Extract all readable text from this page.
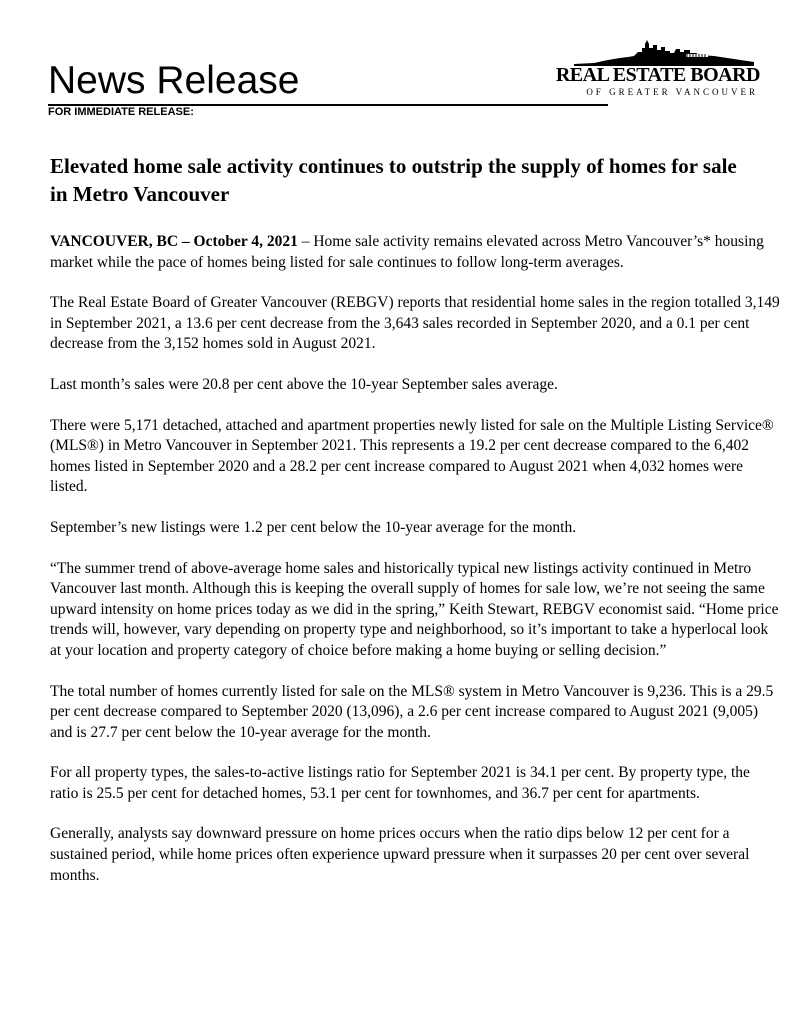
News Release
FOR IMMEDIATE RELEASE:
REAL ESTATE BOARD
OF GREATER VANCOUVER
Elevated home sale activity continues to outstrip the supply of homes for sale in Metro Vancouver

VANCOUVER, BC – October 4, 2021 – Home sale activity remains elevated across Metro Vancouver’s* housing market while the pace of homes being listed for sale continues to follow long-term averages.

The Real Estate Board of Greater Vancouver (REBGV) reports that residential home sales in the region totalled 3,149 in September 2021, a 13.6 per cent decrease from the 3,643 sales recorded in September 2020, and a 0.1 per cent decrease from the 3,152 homes sold in August 2021.

Last month’s sales were 20.8 per cent above the 10-year September sales average.

There were 5,171 detached, attached and apartment properties newly listed for sale on the Multiple Listing Service® (MLS®) in Metro Vancouver in September 2021. This represents a 19.2 per cent decrease compared to the 6,402 homes listed in September 2020 and a 28.2 per cent increase compared to August 2021 when 4,032 homes were listed.

September’s new listings were 1.2 per cent below the 10-year average for the month.

“The summer trend of above-average home sales and historically typical new listings activity continued in Metro Vancouver last month. Although this is keeping the overall supply of homes for sale low, we’re not seeing the same upward intensity on home prices today as we did in the spring,” Keith Stewart, REBGV economist said. “Home price trends will, however, vary depending on property type and neighborhood, so it’s important to take a hyperlocal look at your location and property category of choice before making a home buying or selling decision.”

The total number of homes currently listed for sale on the MLS® system in Metro Vancouver is 9,236. This is a 29.5 per cent decrease compared to September 2020 (13,096), a 2.6 per cent increase compared to August 2021 (9,005) and is 27.7 per cent below the 10-year average for the month.

For all property types, the sales-to-active listings ratio for September 2021 is 34.1 per cent. By property type, the ratio is 25.5 per cent for detached homes, 53.1 per cent for townhomes, and 36.7 per cent for apartments.

Generally, analysts say downward pressure on home prices occurs when the ratio dips below 12 per cent for a sustained period, while home prices often experience upward pressure when it surpasses 20 per cent over several months.
